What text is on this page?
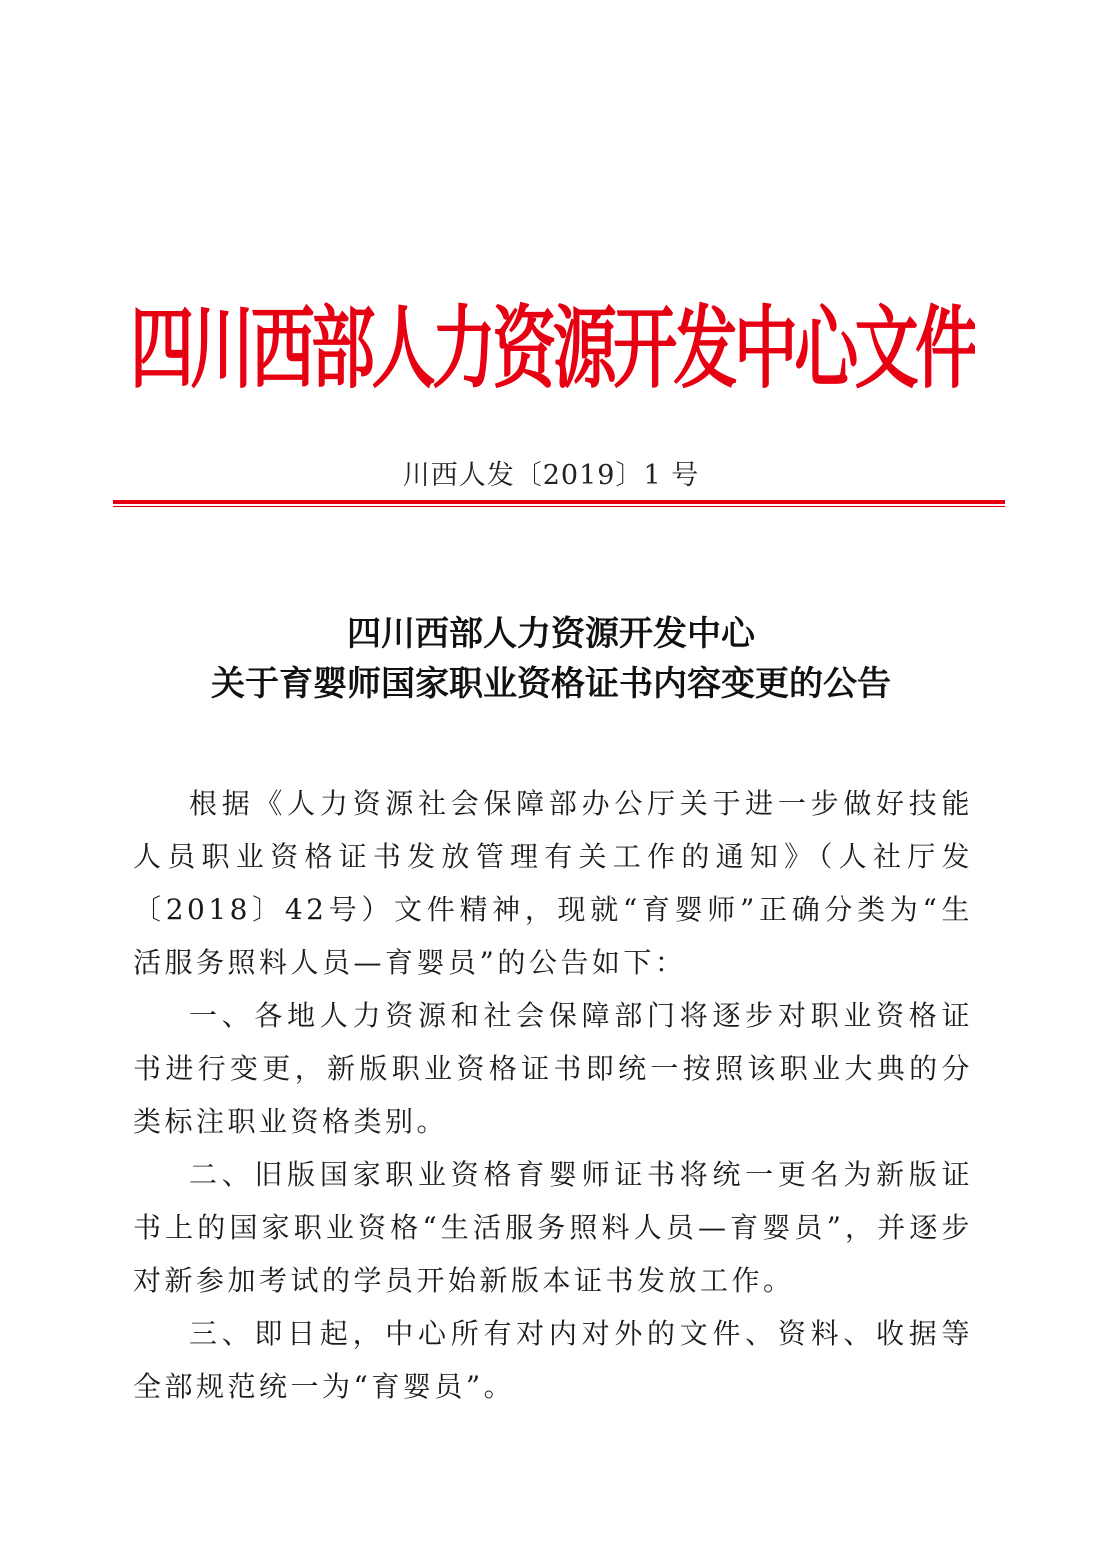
四川西部人力资源开发中心文件
川西人发〔2019〕1 号
四川西部人力资源开发中心
关于育婴师国家职业资格证书内容变更的公告

根据《人力资源社会保障部办公厅关于进一步做好技能人员职业资格证书发放管理有关工作的通知》（人社厅发〔2018〕42号）文件精神，现就“育婴师”正确分类为“生活服务照料人员—育婴员”的公告如下：

一、各地人力资源和社会保障部门将逐步对职业资格证书进行变更，新版职业资格证书即统一按照该职业大典的分类标注职业资格类别。

二、旧版国家职业资格育婴师证书将统一更名为新版证书上的国家职业资格“生活服务照料人员—育婴员”，并逐步对新参加考试的学员开始新版本证书发放工作。

三、即日起，中心所有对内对外的文件、资料、收据等全部规范统一为“育婴员”。
